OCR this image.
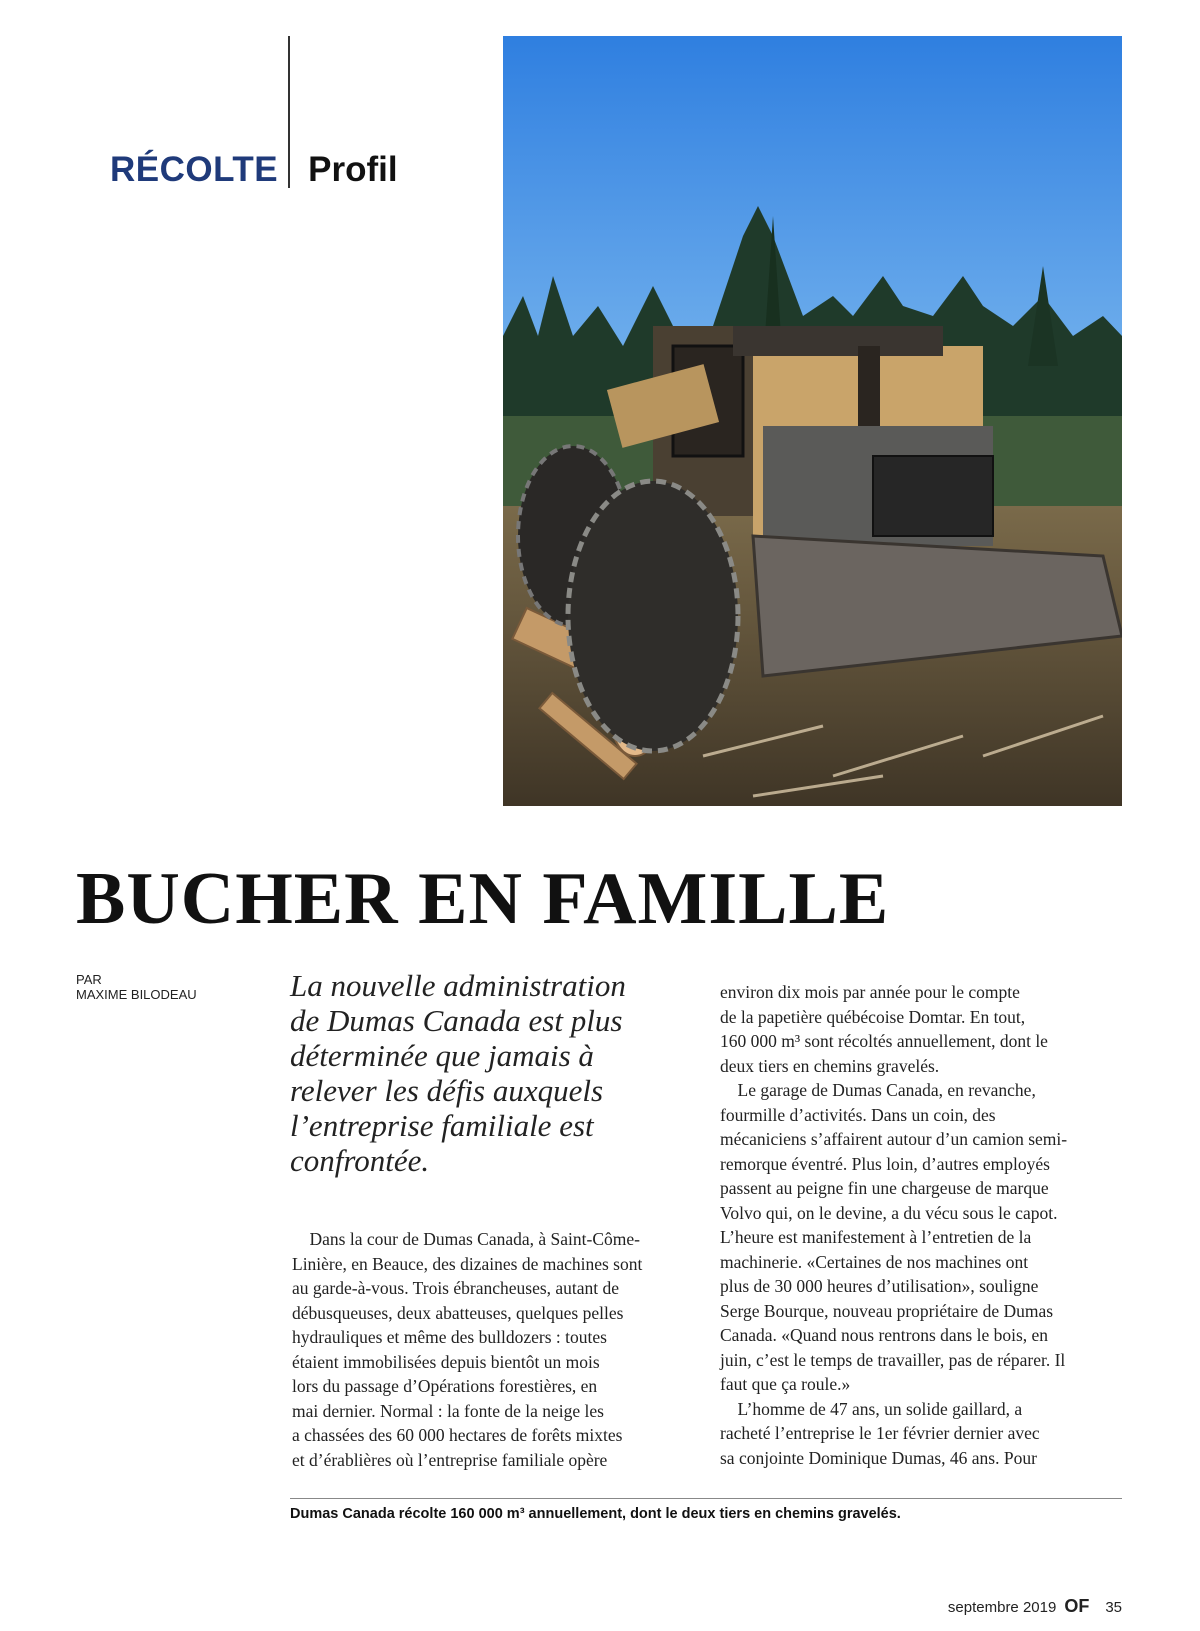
RÉCOLTE Profil
BUCHER EN FAMILLE
PAR
MAXIME BILODEAU	La nouvelle administration
de Dumas Canada est plus
déterminée que jamais à
relever les défis auxquels
l’entreprise familiale est
confrontée.
Dans la cour de Dumas Canada, à Saint-Côme-
Linière, en Beauce, des dizaines de machines sont
au garde-à-vous. Trois ébrancheuses, autant de
débusqueuses, deux abatteuses, quelques pelles
hydrauliques et même des bulldozers : toutes
étaient immobilisées depuis bientôt un mois
lors du passage d’Opérations forestières, en
mai dernier. Normal : la fonte de la neige les
a chassées des 60 000 hectares de forêts mixtes
et d’érablières où l’entreprise familiale opère
environ dix mois par année pour le compte
de la papetière québécoise Domtar. En tout,
160 000 m³ sont récoltés annuellement, dont le
deux tiers en chemins gravelés.
Le garage de Dumas Canada, en revanche,
fourmille d’activités. Dans un coin, des
mécaniciens s’affairent autour d’un camion semi-
remorque éventré. Plus loin, d’autres employés
passent au peigne fin une chargeuse de marque
Volvo qui, on le devine, a du vécu sous le capot.
L’heure est manifestement à l’entretien de la
machinerie. «Certaines de nos machines ont
plus de 30 000 heures d’utilisation», souligne
Serge Bourque, nouveau propriétaire de Dumas
Canada. «Quand nous rentrons dans le bois, en
juin, c’est le temps de travailler, pas de réparer. Il
faut que ça roule.»
L’homme de 47 ans, un solide gaillard, a
racheté l’entreprise le 1er février dernier avec
sa conjointe Dominique Dumas, 46 ans. Pour
Dumas Canada récolte 160 000 m³ annuellement, dont le deux tiers en chemins gravelés.
septembre 2019 OF 35
